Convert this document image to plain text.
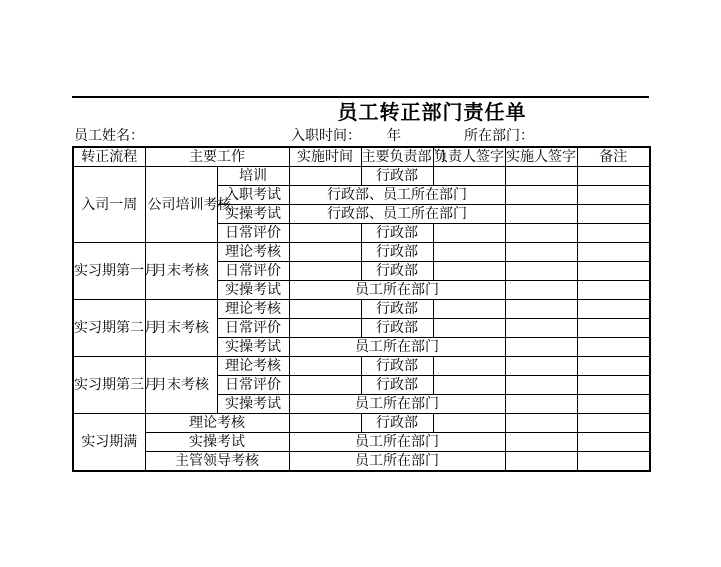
员工转正部门责任单
员工姓名：	入职时间： 年	所在部门：
转正流程	主要工作		实施时间	主要负责部门	负责人签字	实施人签字	备注
入司一周	公司培训考核	培训		行政部			
		入职考试	行政部、员工所在部门				
		实操考试	行政部、员工所在部门				
		日常评价		行政部			
实习期第一月	月末考核	理论考核		行政部			
		日常评价		行政部			
		实操考试	员工所在部门				
实习期第二月	月末考核	理论考核		行政部			
		日常评价		行政部			
		实操考试	员工所在部门				
实习期第三月	月末考核	理论考核		行政部			
		日常评价		行政部			
		实操考试	员工所在部门				
实习期满	理论考核			行政部			
	实操考试		员工所在部门				
	主管领导考核		员工所在部门				
